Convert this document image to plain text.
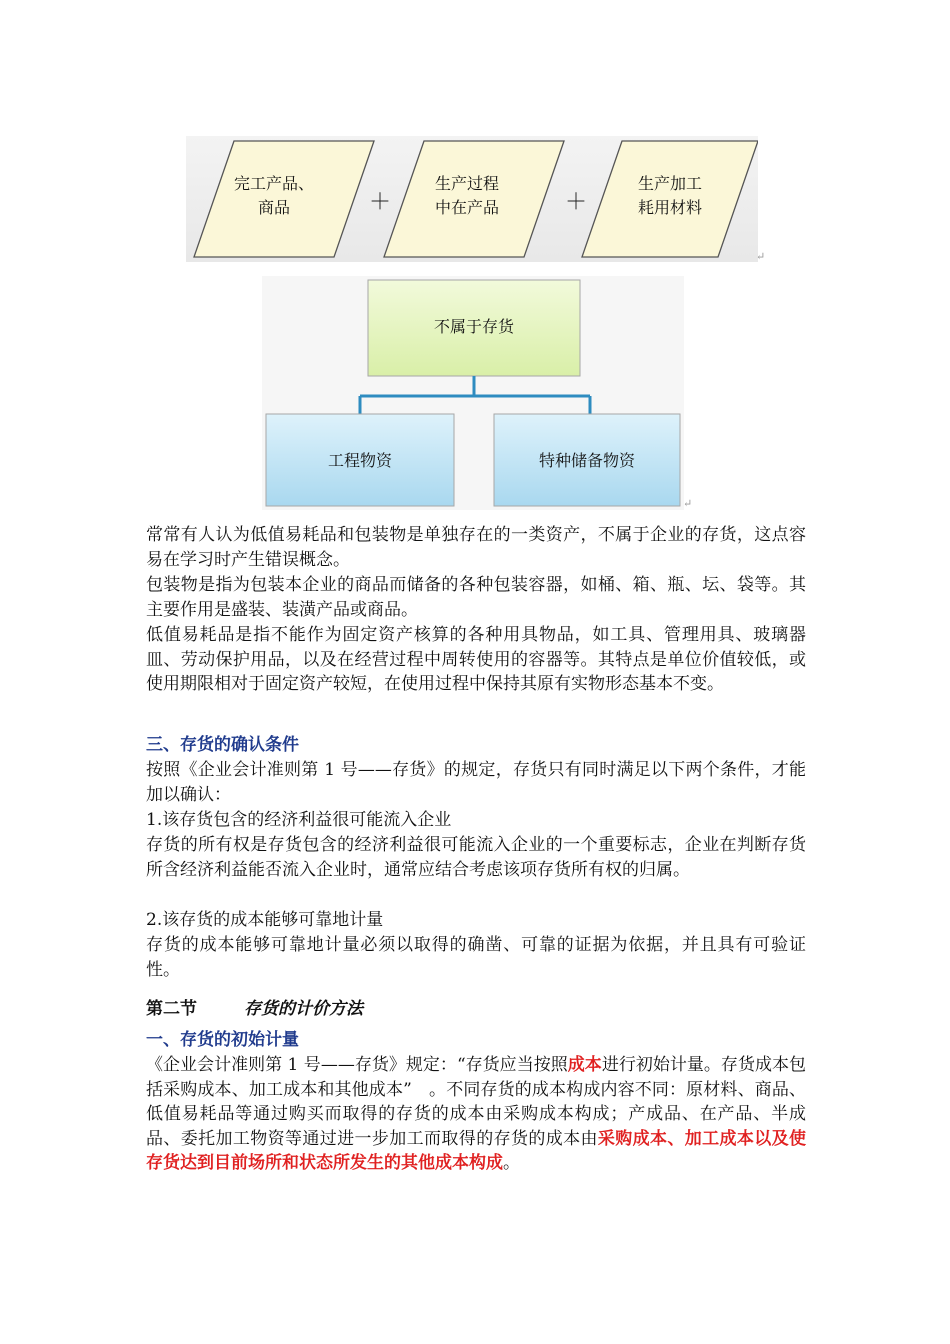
完工产品、
商品	＋
生产过程
中在产品	＋
生产加工
耗用材料
↵
不属于存货
工程物资	特种储备物资
↵
常常有人认为低值易耗品和包装物是单独存在的一类资产，不属于企业的存货，这点容易在学习时产生错误概念。
包装物是指为包装本企业的商品而储备的各种包装容器，如桶、箱、瓶、坛、袋等。其主要作用是盛装、装潢产品或商品。
低值易耗品是指不能作为固定资产核算的各种用具物品，如工具、管理用具、玻璃器皿、劳动保护用品，以及在经营过程中周转使用的容器等。其特点是单位价值较低，或使用期限相对于固定资产较短，在使用过程中保持其原有实物形态基本不变。
三、存货的确认条件
按照《企业会计准则第 1 号——存货》的规定，存货只有同时满足以下两个条件，才能加以确认：
1.该存货包含的经济利益很可能流入企业
存货的所有权是存货包含的经济利益很可能流入企业的一个重要标志，企业在判断存货所含经济利益能否流入企业时，通常应结合考虑该项存货所有权的归属。
2.该存货的成本能够可靠地计量
存货的成本能够可靠地计量必须以取得的确凿、可靠的证据为依据，并且具有可验证性。
第二节	存货的计价方法
一、存货的初始计量
《企业会计准则第 1 号——存货》规定：“存货应当按照成本进行初始计量。存货成本包括采购成本、加工成本和其他成本”　。不同存货的成本构成内容不同：原材料、商品、低值易耗品等通过购买而取得的存货的成本由采购成本构成；产成品、在产品、半成品、委托加工物资等通过进一步加工而取得的存货的成本由采购成本、加工成本以及使存货达到目前场所和状态所发生的其他成本构成。
